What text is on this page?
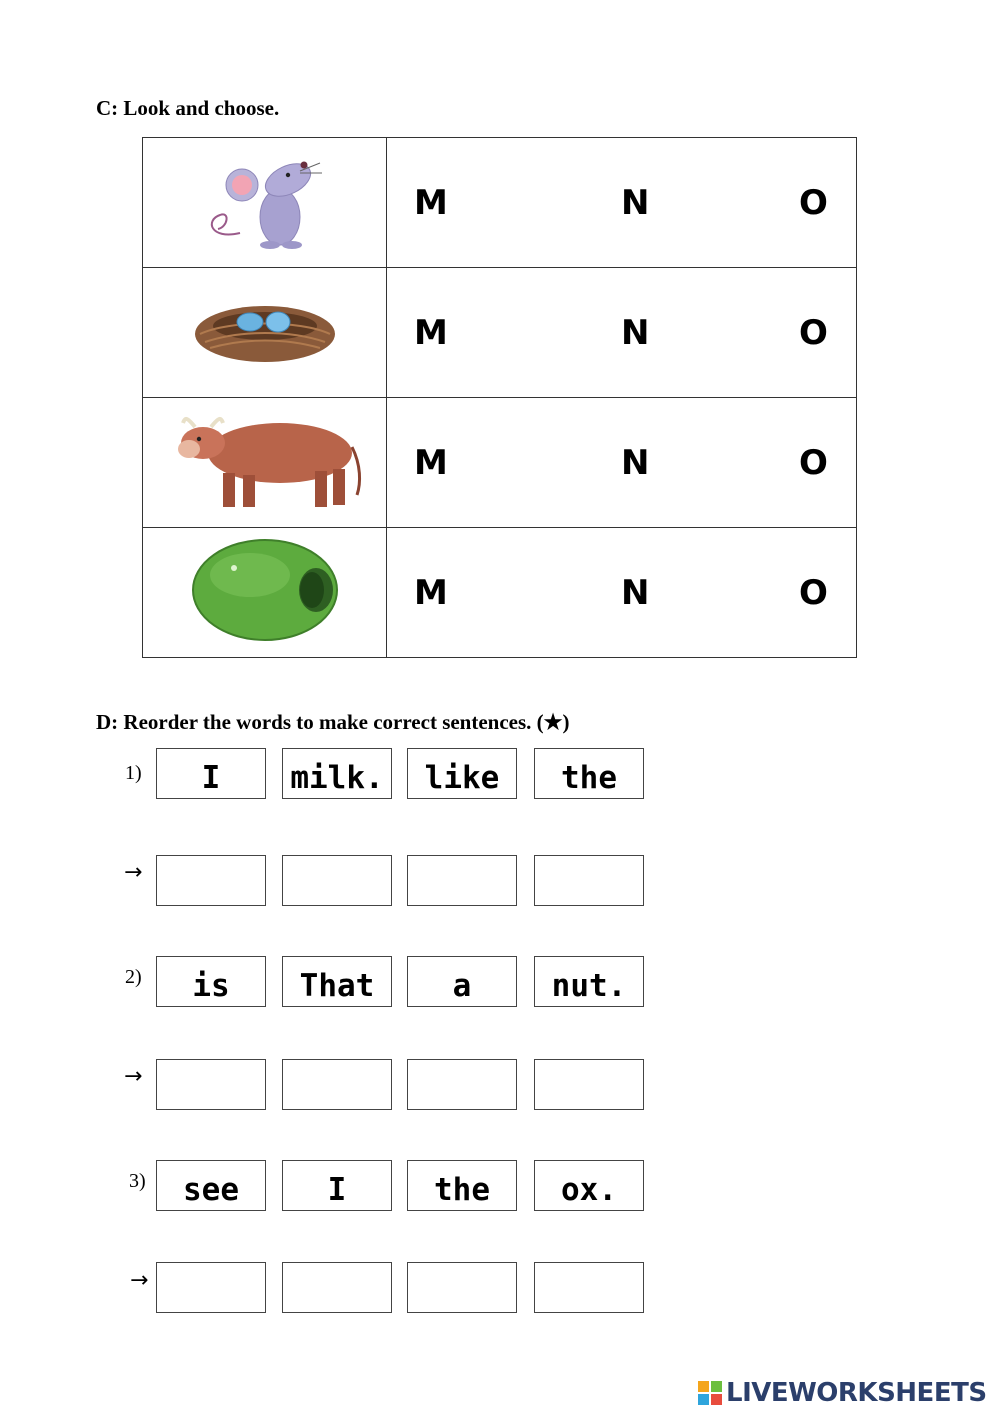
C: Look and choose.

M N O

M N O

M N O

M N O
D: Reorder the words to make correct sentences. (★)
1)	I	milk.	like	the
→
2)	is	That	a	nut.
→
3)	see	I	the	ox.
→
LIVEWORKSHEETS
